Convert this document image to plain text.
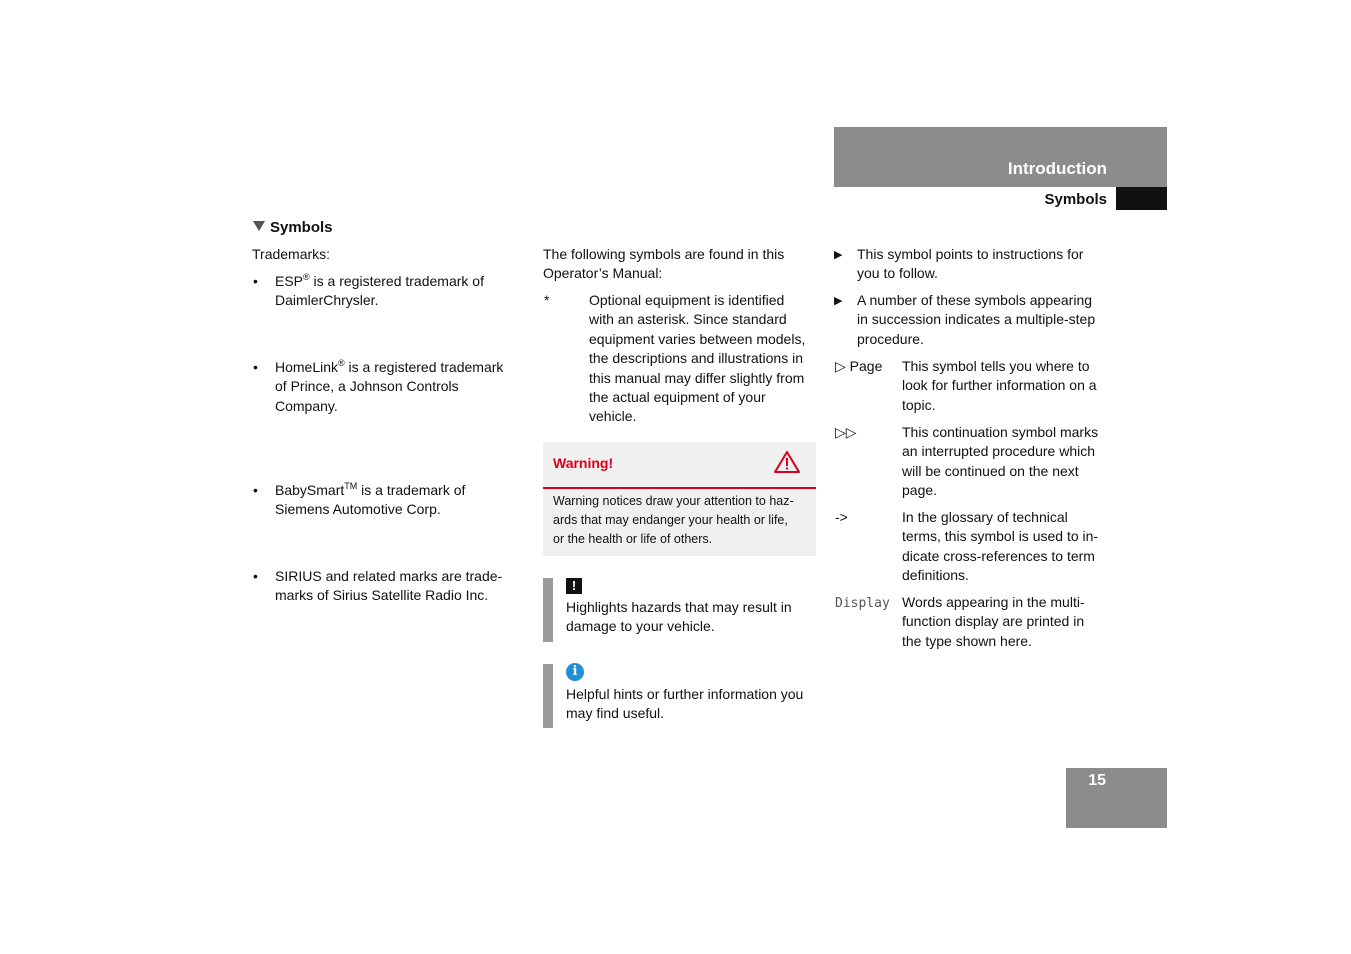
Introduction
Symbols
Symbols
Trademarks:
• ESP® is a registered trademark of
DaimlerChrysler.
• HomeLink® is a registered trademark
of Prince, a Johnson Controls
Company.
• BabySmart™ is a trademark of
Siemens Automotive Corp.
• SIRIUS and related marks are trade-
marks of Sirius Satellite Radio Inc.
The following symbols are found in this
Operator’s Manual:
*	Optional equipment is identified
with an asterisk. Since standard
equipment varies between models,
the descriptions and illustrations in
this manual may differ slightly from
the actual equipment of your
vehicle.
Warning!
Warning notices draw your attention to haz-
ards that may endanger your health or life,
or the health or life of others.
!
Highlights hazards that may result in
damage to your vehicle.
i
Helpful hints or further information you
may find useful.
▶ This symbol points to instructions for
you to follow.
▶ A number of these symbols appearing
in succession indicates a multiple-step
procedure.
▷ Page This symbol tells you where to
look for further information on a
topic.
▷▷	This continuation symbol marks
an interrupted procedure which
will be continued on the next
page.
->	In the glossary of technical
terms, this symbol is used to in-
dicate cross-references to term
definitions.
Display Words appearing in the multi-
function display are printed in
the type shown here.
15
